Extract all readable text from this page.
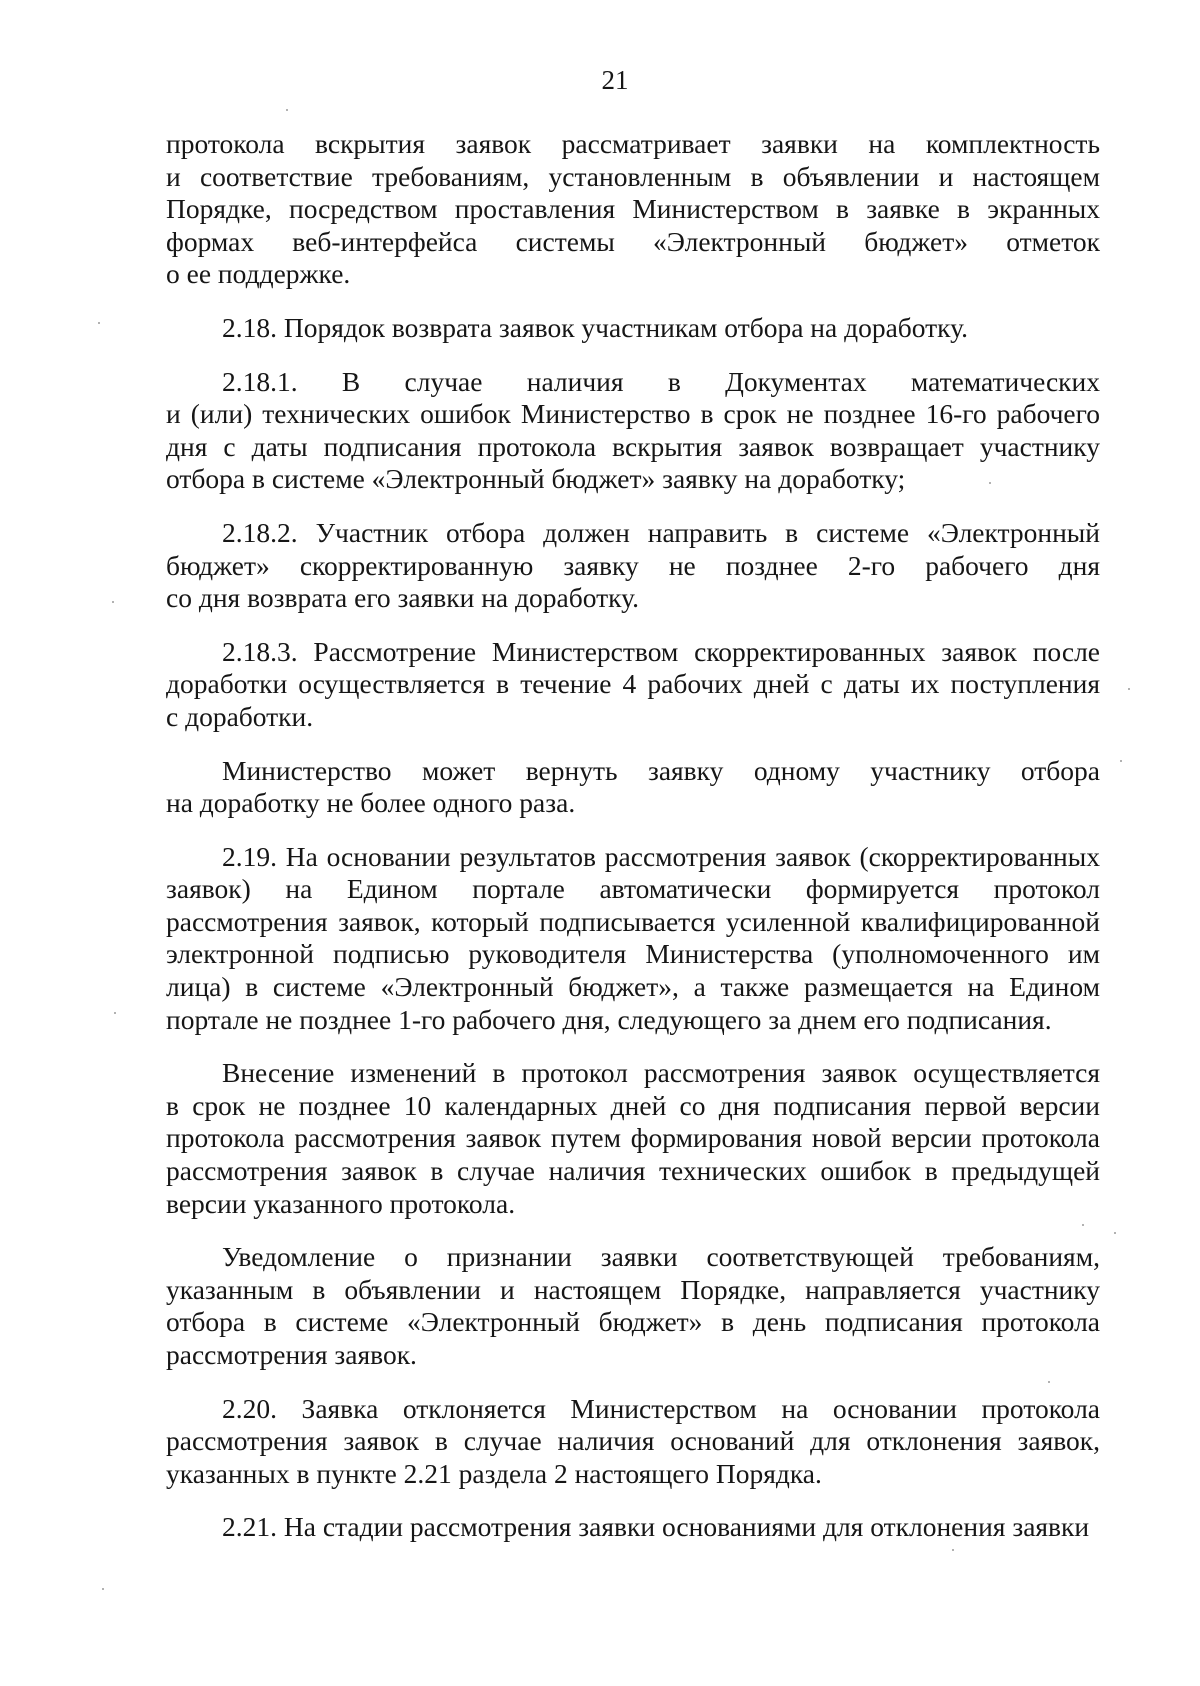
21
протокола вскрытия заявок рассматривает заявки на комплектность
и соответствие требованиям, установленным в объявлении и настоящем
Порядке, посредством проставления Министерством в заявке в экранных
формах веб-интерфейса системы «Электронный бюджет» отметок
о ее поддержке.
2.18. Порядок возврата заявок участникам отбора на доработку.
2.18.1. В случае наличия в Документах математических
и (или) технических ошибок Министерство в срок не позднее 16-го рабочего
дня с даты подписания протокола вскрытия заявок возвращает участнику
отбора в системе «Электронный бюджет» заявку на доработку;
2.18.2. Участник отбора должен направить в системе «Электронный
бюджет» скорректированную заявку не позднее 2-го рабочего дня
со дня возврата его заявки на доработку.
2.18.3. Рассмотрение Министерством скорректированных заявок после
доработки осуществляется в течение 4 рабочих дней с даты их поступления
с доработки.
Министерство может вернуть заявку одному участнику отбора
на доработку не более одного раза.
2.19. На основании результатов рассмотрения заявок (скорректированных
заявок) на Едином портале автоматически формируется протокол
рассмотрения заявок, который подписывается усиленной квалифицированной
электронной подписью руководителя Министерства (уполномоченного им
лица) в системе «Электронный бюджет», а также размещается на Едином
портале не позднее 1-го рабочего дня, следующего за днем его подписания.
Внесение изменений в протокол рассмотрения заявок осуществляется
в срок не позднее 10 календарных дней со дня подписания первой версии
протокола рассмотрения заявок путем формирования новой версии протокола
рассмотрения заявок в случае наличия технических ошибок в предыдущей
версии указанного протокола.
Уведомление о признании заявки соответствующей требованиям,
указанным в объявлении и настоящем Порядке, направляется участнику
отбора в системе «Электронный бюджет» в день подписания протокола
рассмотрения заявок.
2.20. Заявка отклоняется Министерством на основании протокола
рассмотрения заявок в случае наличия оснований для отклонения заявок,
указанных в пункте 2.21 раздела 2 настоящего Порядка.
2.21. На стадии рассмотрения заявки основаниями для отклонения заявки
